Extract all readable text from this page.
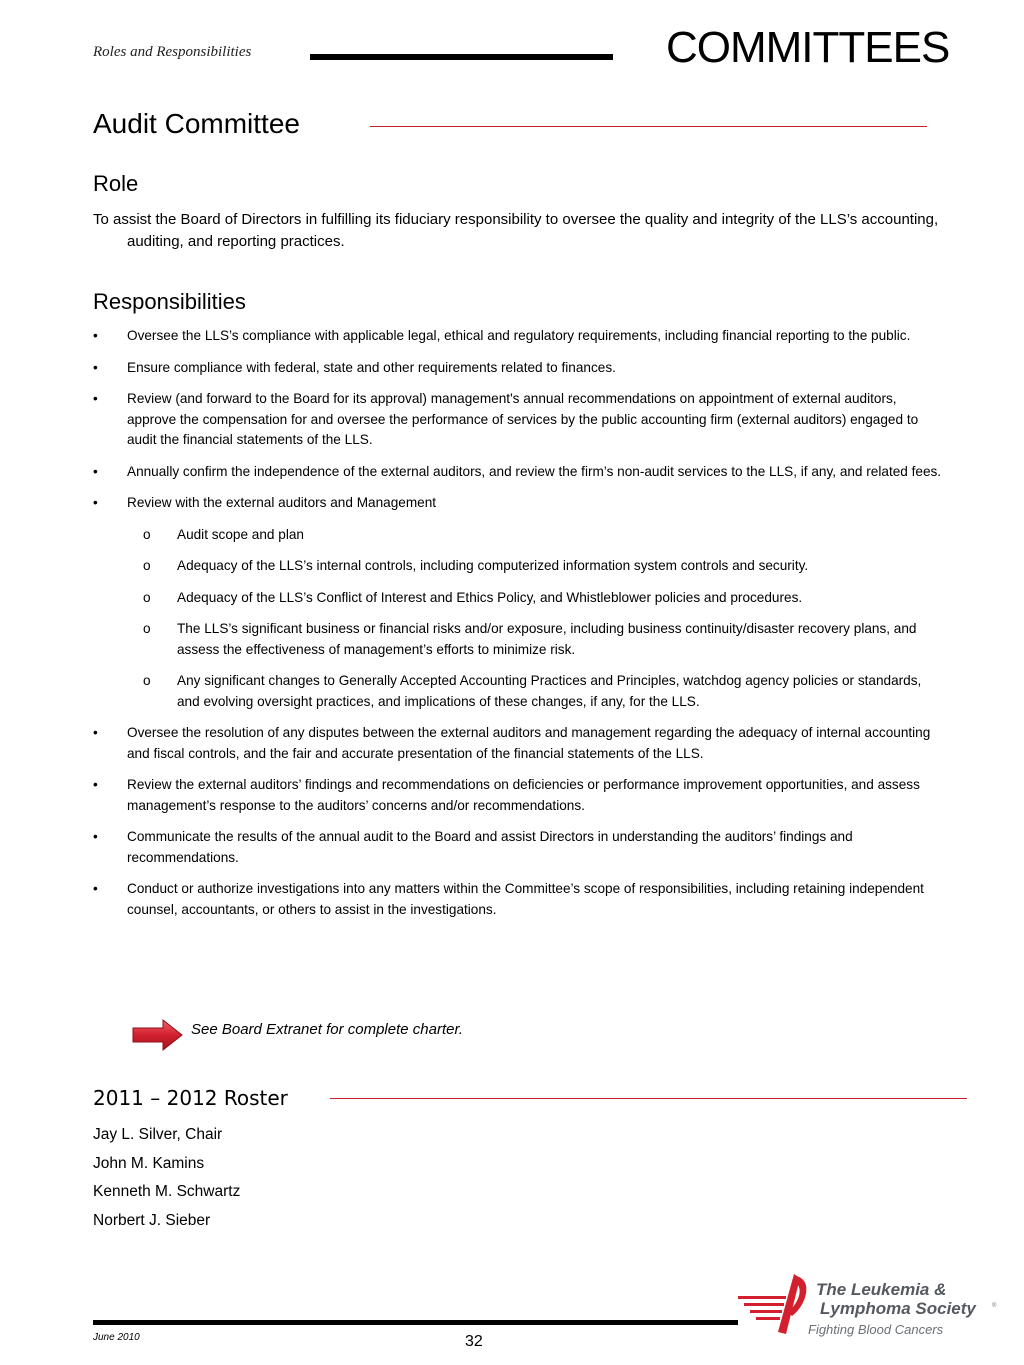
Roles and Responsibilities	COMMITTEES
Audit Committee
Role
To assist the Board of Directors in fulfilling its fiduciary responsibility to oversee the quality and integrity of the LLS’s accounting, auditing, and reporting practices.
Responsibilities
• Oversee the LLS’s compliance with applicable legal, ethical and regulatory requirements, including financial reporting to the public.
• Ensure compliance with federal, state and other requirements related to finances.
• Review (and forward to the Board for its approval) management's annual recommendations on appointment of external auditors, approve the compensation for and oversee the performance of services by the public accounting firm (external auditors) engaged to audit the financial statements of the LLS.
• Annually confirm the independence of the external auditors, and review the firm’s non-audit services to the LLS, if any, and related fees.
• Review with the external auditors and Management
o Audit scope and plan
o Adequacy of the LLS’s internal controls, including computerized information system controls and security.
o Adequacy of the LLS’s Conflict of Interest and Ethics Policy, and Whistleblower policies and procedures.
o The LLS’s significant business or financial risks and/or exposure, including business continuity/disaster recovery plans, and assess the effectiveness of management’s efforts to minimize risk.
o Any significant changes to Generally Accepted Accounting Practices and Principles, watchdog agency policies or standards, and evolving oversight practices, and implications of these changes, if any, for the LLS.
• Oversee the resolution of any disputes between the external auditors and management regarding the adequacy of internal accounting and fiscal controls, and the fair and accurate presentation of the financial statements of the LLS.
• Review the external auditors’ findings and recommendations on deficiencies or performance improvement opportunities, and assess management’s response to the auditors’ concerns and/or recommendations.
• Communicate the results of the annual audit to the Board and assist Directors in understanding the auditors’ findings and recommendations.
• Conduct or authorize investigations into any matters within the Committee’s scope of responsibilities, including retaining independent counsel, accountants, or others to assist in the investigations.
See Board Extranet for complete charter.
2011 – 2012 Roster
Jay L. Silver, Chair
John M. Kamins
Kenneth M. Schwartz
Norbert J. Sieber
June 2010	32
The Leukemia &
Lymphoma Society	®
Fighting Blood Cancers
